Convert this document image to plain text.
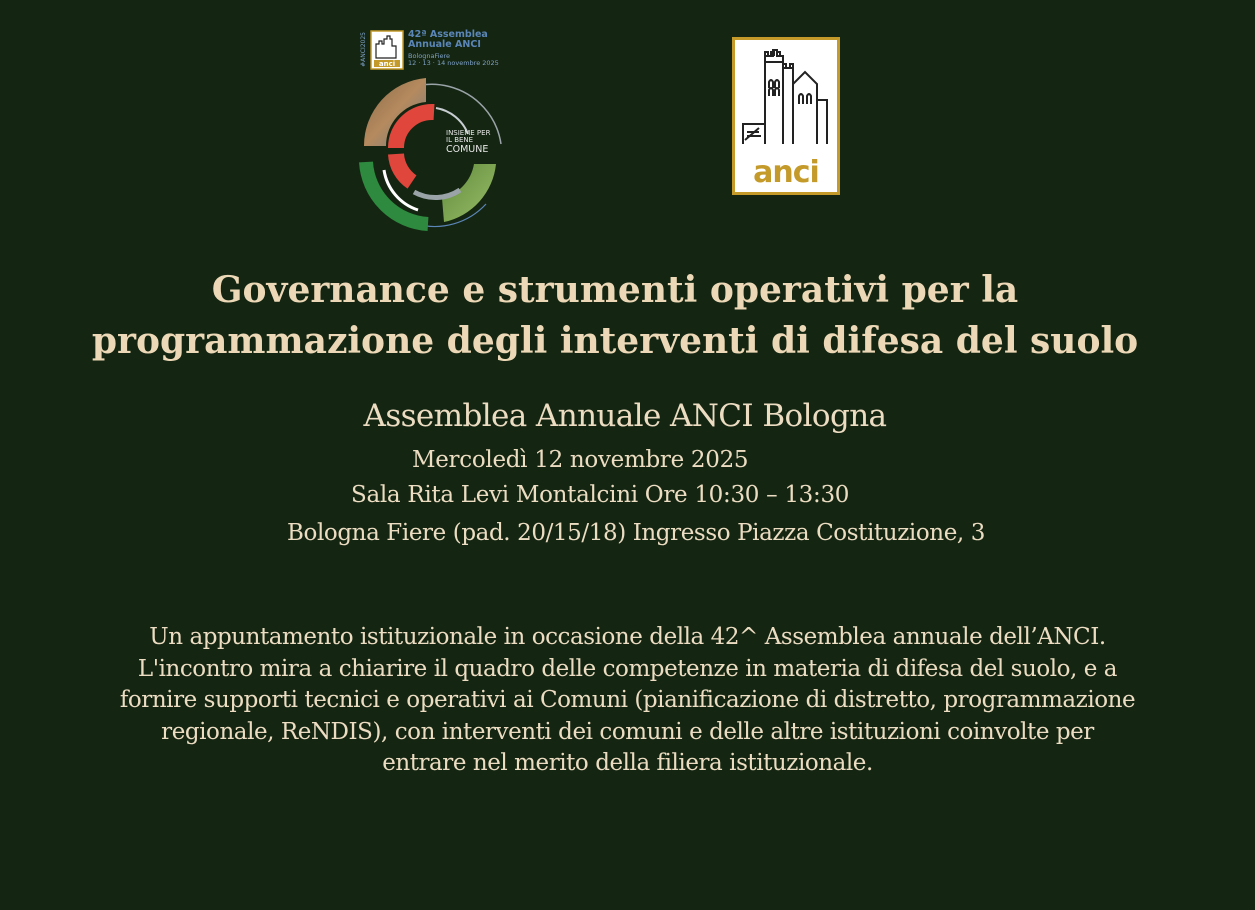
#ANCI2025 anci
42ª Assemblea
Annuale ANCI
BolognaFiere
12 · 13 · 14 novembre 2025
INSIEME PER
IL BENE
COMUNE
anci
Governance e strumenti operativi per la
programmazione degli interventi di difesa del suolo
Assemblea Annuale ANCI Bologna
Mercoledì 12 novembre 2025
Sala Rita Levi Montalcini Ore 10:30 – 13:30
Bologna Fiere (pad. 20/15/18) Ingresso Piazza Costituzione, 3
Un appuntamento istituzionale in occasione della 42^ Assemblea annuale dell’ANCI.
L'incontro mira a chiarire il quadro delle competenze in materia di difesa del suolo, e a
fornire supporti tecnici e operativi ai Comuni (pianificazione di distretto, programmazione
regionale, ReNDIS), con interventi dei comuni e delle altre istituzioni coinvolte per
entrare nel merito della filiera istituzionale.
